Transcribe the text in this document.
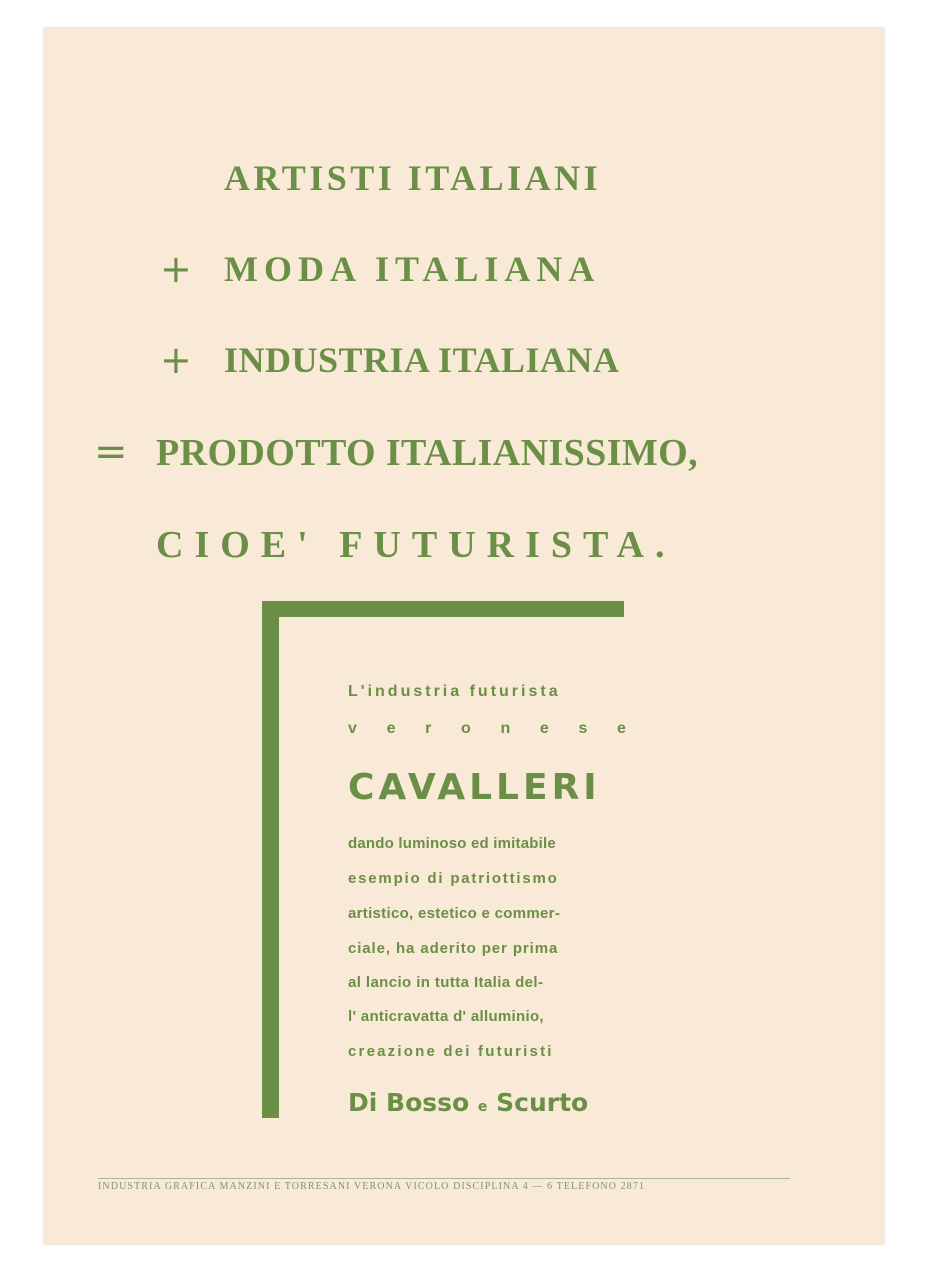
ARTISTI ITALIANI
+ MODA ITALIANA
+ INDUSTRIA ITALIANA
= PRODOTTO ITALIANISSIMO,
CIOE' FUTURISTA.
L'industria futurista
v e r o n e s e
CAVALLERI
dando luminoso ed imitabile
esempio di patriottismo
artistico, estetico e commer-
ciale, ha aderito per prima
al lancio in tutta Italia del-
l' anticravatta d' alluminio,
creazione dei futuristi
Di Bosso e Scurto
INDUSTRIA GRAFICA MANZINI E TORRESANI VERONA VICOLO DISCIPLINA 4 — 6 TELEFONO 2871
